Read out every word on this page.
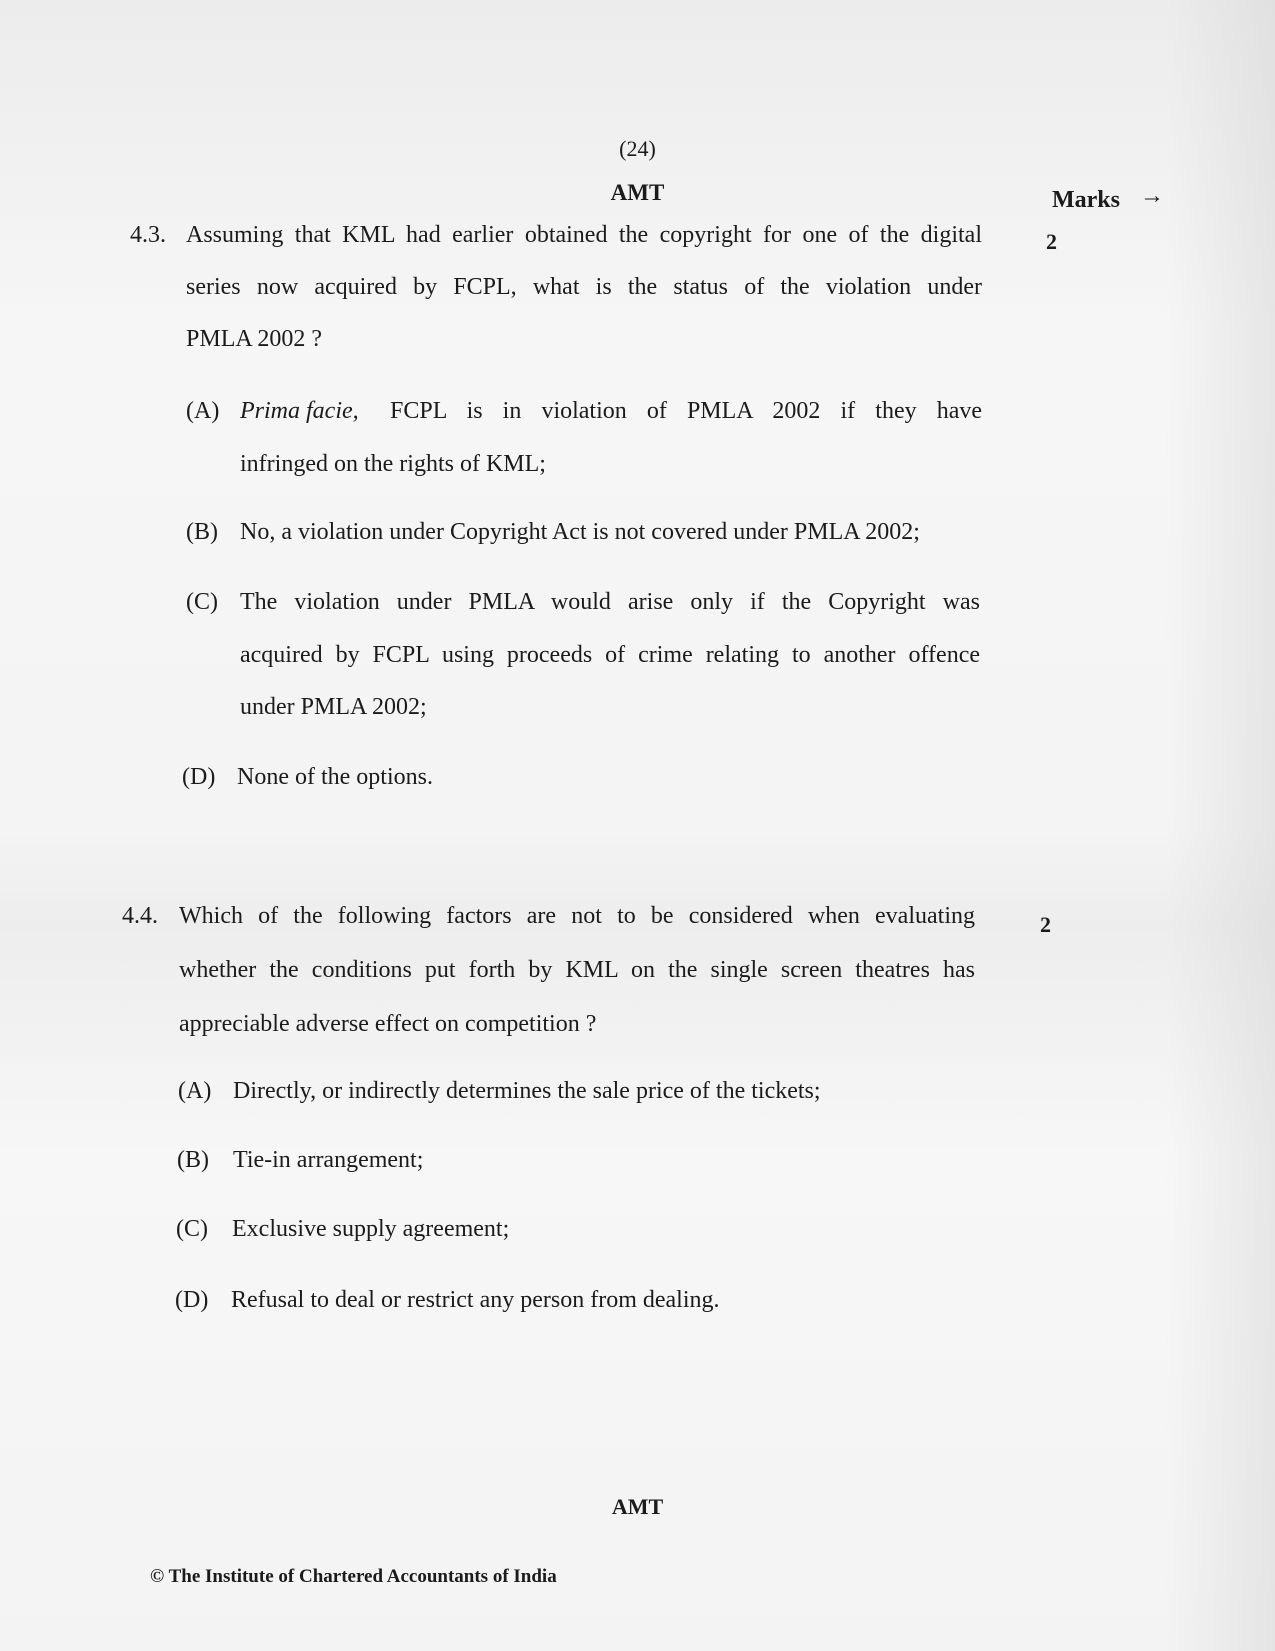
(24)
AMT	Marks →
4.3. Assuming that KML had earlier obtained the copyright for one of the digital
series now acquired by FCPL, what is the status of the violation under
PMLA 2002 ?
2
(A) Prima facie, FCPL is in violation of PMLA 2002 if they have
infringed on the rights of KML;
(B) No, a violation under Copyright Act is not covered under PMLA 2002;
(C) The violation under PMLA would arise only if the Copyright was
acquired by FCPL using proceeds of crime relating to another offence
under PMLA 2002;
(D) None of the options.
4.4. Which of the following factors are not to be considered when evaluating
whether the conditions put forth by KML on the single screen theatres has
appreciable adverse effect on competition ?
2
(A) Directly, or indirectly determines the sale price of the tickets;
(B) Tie-in arrangement;
(C) Exclusive supply agreement;
(D) Refusal to deal or restrict any person from dealing.
AMT
© The Institute of Chartered Accountants of India
